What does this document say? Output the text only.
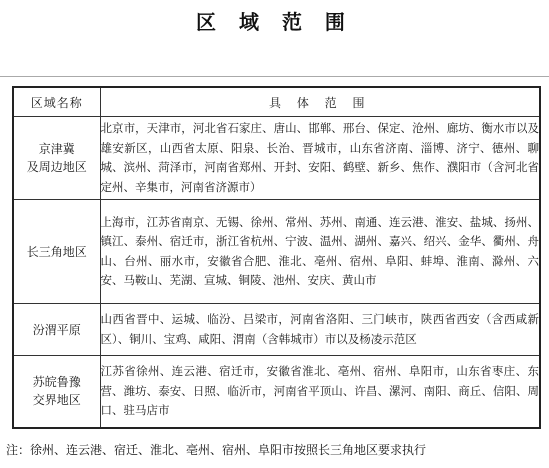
区 域 范 围
区域名称	具 体 范 围
京津冀
及周边地区	北京市，天津市，河北省石家庄、唐山、邯郸、邢台、保定、沧州、廊坊、衡水市以及雄安新区，山西省太原、阳泉、长治、晋城市，山东省济南、淄博、济宁、德州、聊城、滨州、菏泽市，河南省郑州、开封、安阳、鹤壁、新乡、焦作、濮阳市（含河北省定州、辛集市，河南省济源市）
长三角地区	上海市，江苏省南京、无锡、徐州、常州、苏州、南通、连云港、淮安、盐城、扬州、镇江、泰州、宿迁市，浙江省杭州、宁波、温州、湖州、嘉兴、绍兴、金华、衢州、舟山、台州、丽水市，安徽省合肥、淮北、亳州、宿州、阜阳、蚌埠、淮南、滁州、六安、马鞍山、芜湖、宣城、铜陵、池州、安庆、黄山市
汾渭平原	山西省晋中、运城、临汾、吕梁市，河南省洛阳、三门峡市，陕西省西安（含西咸新区）、铜川、宝鸡、咸阳、渭南（含韩城市）市以及杨凌示范区
苏皖鲁豫
交界地区	江苏省徐州、连云港、宿迁市，安徽省淮北、亳州、宿州、阜阳市，山东省枣庄、东营、潍坊、泰安、日照、临沂市，河南省平顶山、许昌、漯河、南阳、商丘、信阳、周口、驻马店市
注：徐州、连云港、宿迁、淮北、亳州、宿州、阜阳市按照长三角地区要求执行
